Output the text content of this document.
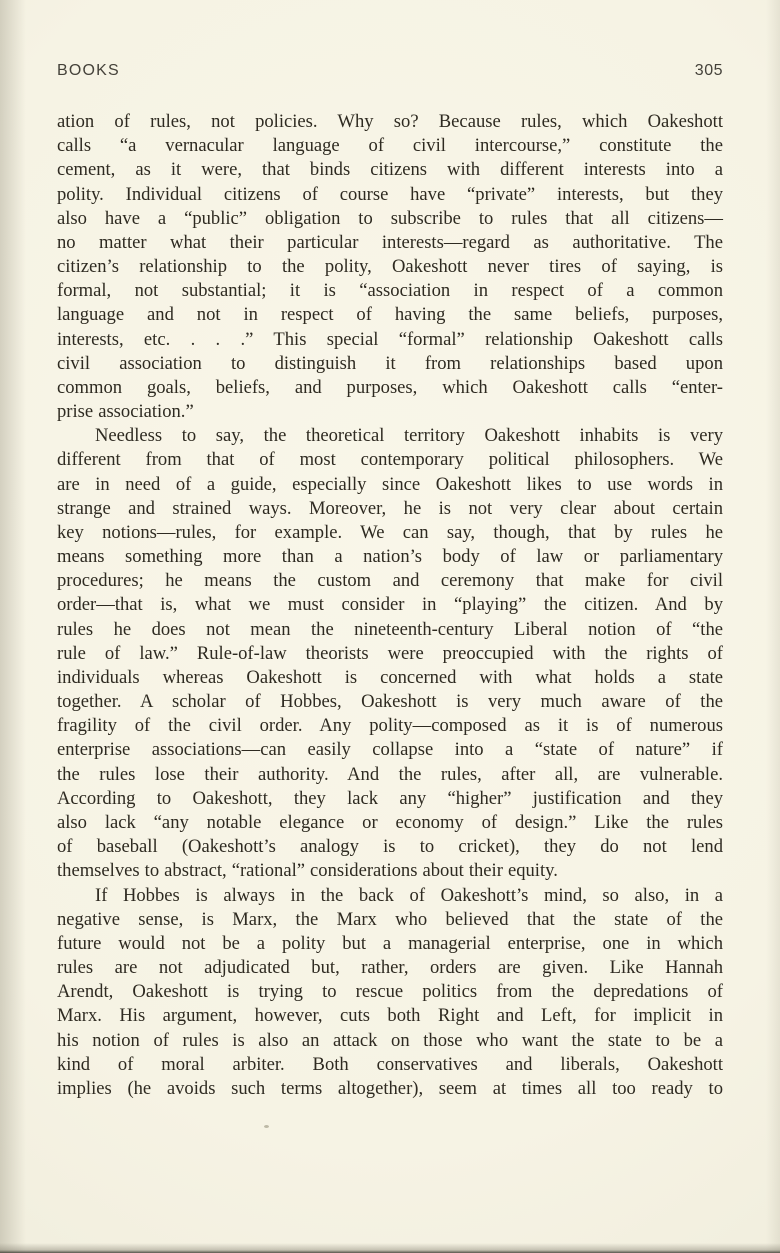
BOOKS	305
ation of rules, not policies. Why so? Because rules, which Oakeshott
calls “a vernacular language of civil intercourse,” constitute the
cement, as it were, that binds citizens with different interests into a
polity. Individual citizens of course have “private” interests, but they
also have a “public” obligation to subscribe to rules that all citizens—
no matter what their particular interests—regard as authoritative. The
citizen’s relationship to the polity, Oakeshott never tires of saying, is
formal, not substantial; it is “association in respect of a common
language and not in respect of having the same beliefs, purposes,
interests, etc. . . .” This special “formal” relationship Oakeshott calls
civil association to distinguish it from relationships based upon
common goals, beliefs, and purposes, which Oakeshott calls “enter-
prise association.”
Needless to say, the theoretical territory Oakeshott inhabits is very
different from that of most contemporary political philosophers. We
are in need of a guide, especially since Oakeshott likes to use words in
strange and strained ways. Moreover, he is not very clear about certain
key notions—rules, for example. We can say, though, that by rules he
means something more than a nation’s body of law or parliamentary
procedures; he means the custom and ceremony that make for civil
order—that is, what we must consider in “playing” the citizen. And by
rules he does not mean the nineteenth-century Liberal notion of “the
rule of law.” Rule-of-law theorists were preoccupied with the rights of
individuals whereas Oakeshott is concerned with what holds a state
together. A scholar of Hobbes, Oakeshott is very much aware of the
fragility of the civil order. Any polity—composed as it is of numerous
enterprise associations—can easily collapse into a “state of nature” if
the rules lose their authority. And the rules, after all, are vulnerable.
According to Oakeshott, they lack any “higher” justification and they
also lack “any notable elegance or economy of design.” Like the rules
of baseball (Oakeshott’s analogy is to cricket), they do not lend
themselves to abstract, “rational” considerations about their equity.
If Hobbes is always in the back of Oakeshott’s mind, so also, in a
negative sense, is Marx, the Marx who believed that the state of the
future would not be a polity but a managerial enterprise, one in which
rules are not adjudicated but, rather, orders are given. Like Hannah
Arendt, Oakeshott is trying to rescue politics from the depredations of
Marx. His argument, however, cuts both Right and Left, for implicit in
his notion of rules is also an attack on those who want the state to be a
kind of moral arbiter. Both conservatives and liberals, Oakeshott
implies (he avoids such terms altogether), seem at times all too ready to
